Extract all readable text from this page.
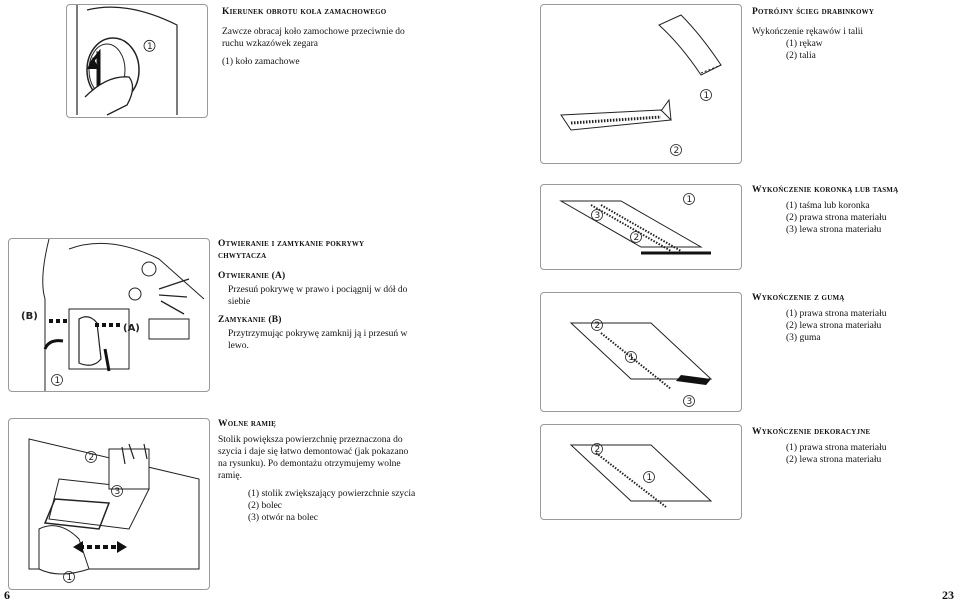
1
Kierunek obrotu koła zamachowego
Zawcze obracaj koło zamochowe przeciwnie do
ruchu wzkazówek zegara
(1) koło zamachowe
(B)
(A)
1
Otwieranie i zamykanie pokrywy
chwytacza
Otwieranie (A)
Przesuń pokrywę w prawo i pociągnij w dół do
siebie
Zamykanie (B)
Przytrzymując pokrywę zamknij ją i przesuń w
lewo.
2
3
1
Wolne ramię
Stolik powiększa powierzchnię przeznaczona do
szycia i daje się łatwo demontować (jak pokazano
na rysunku). Po demontażu otrzymujemy wolne
ramię.
(1) stolik zwiększający powierzchnie szycia
(2) bolec
(3) otwór na bolec
6
1
2
Potrójny ścieg drabinkowy
Wykończenie rękawów i talii
(1) rękaw
(2) talia
3
2
1
Wykończenie koronką lub tasmą
(1) taśma lub koronka
(2) prawa strona materiału
(3) lewa strona materiału
2
1
3
Wykończenie z gumą
(1) prawa strona materiału
(2) lewa strona materiału
(3) guma
2
1
Wykończenie dekoracyjne
(1) prawa strona materiału
(2) lewa strona materiału
23
